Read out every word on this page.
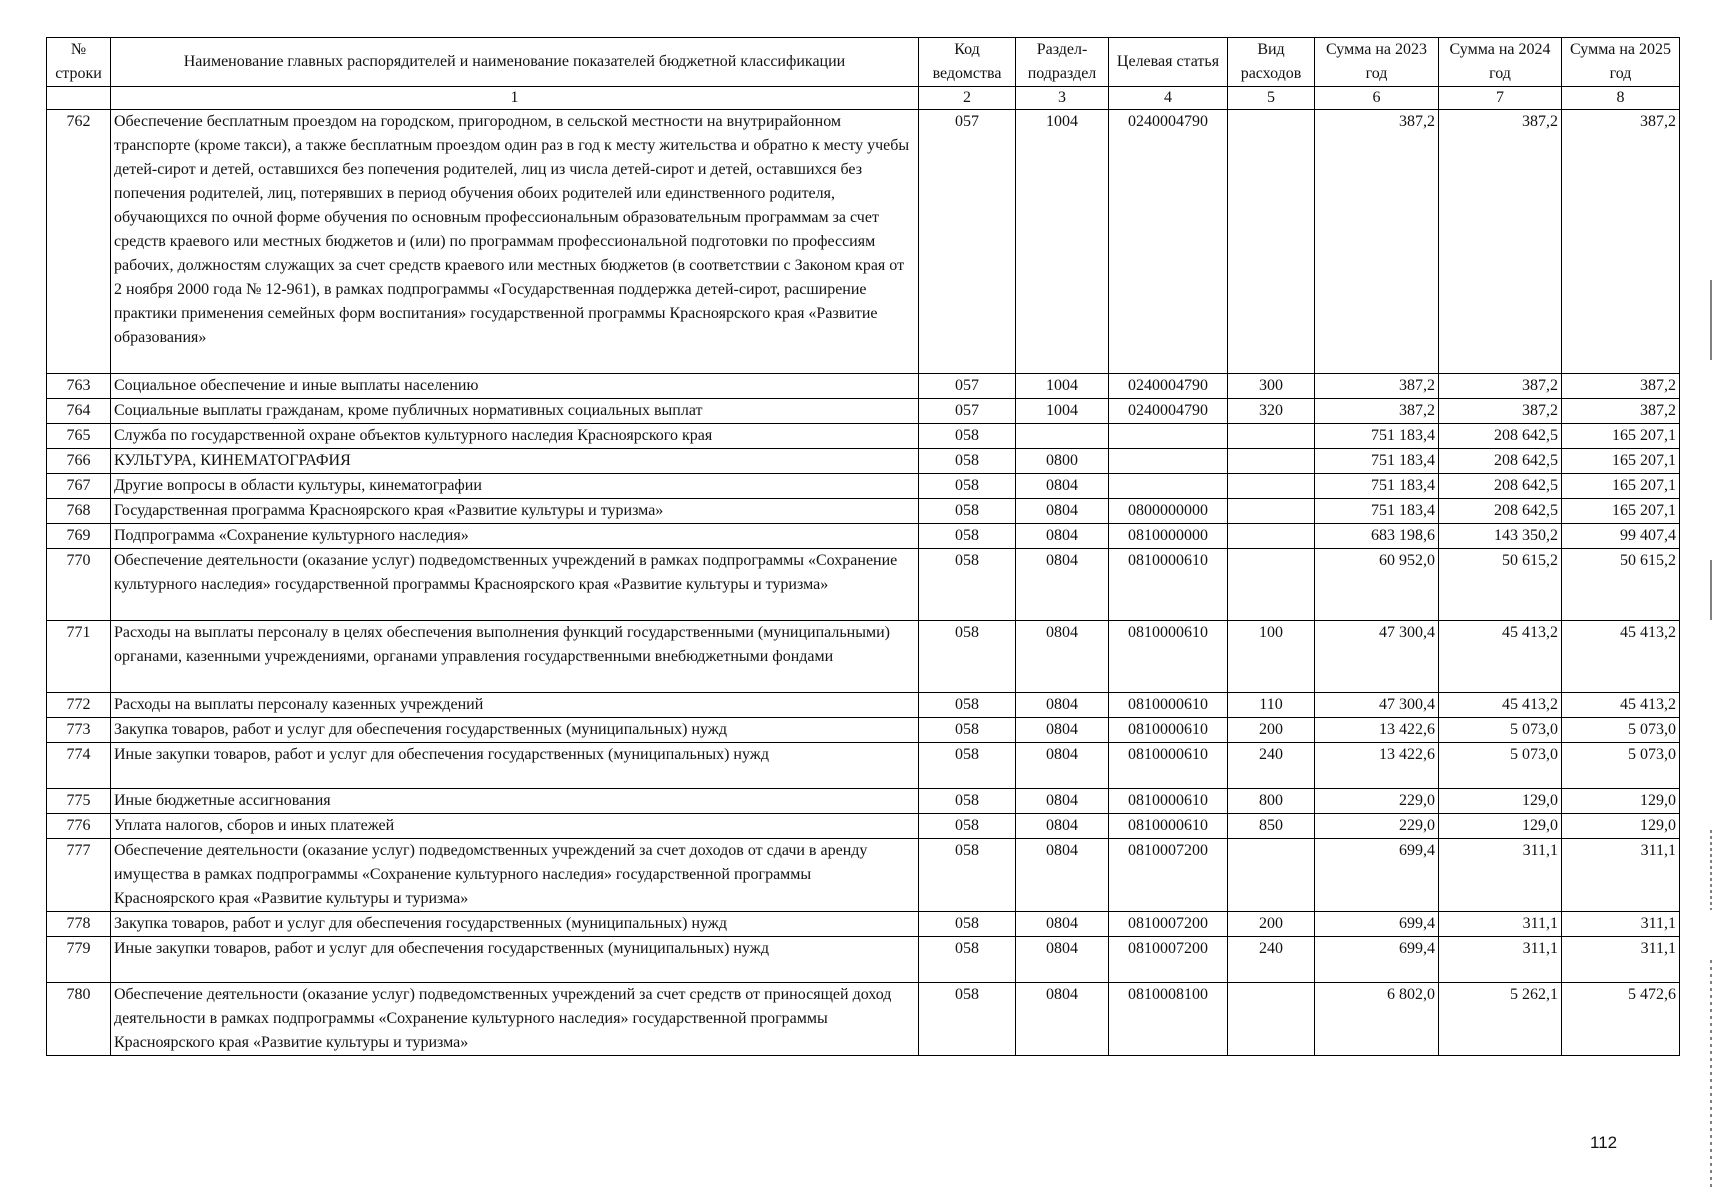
№ строки	Наименование главных распорядителей и наименование показателей бюджетной классификации	Код ведомства	Раздел-подраздел	Целевая статья	Вид расходов	Сумма на 2023 год	Сумма на 2024 год	Сумма на 2025 год
	1	2	3	4	5	6	7	8
762	Обеспечение бесплатным проездом на городском, пригородном, в сельской местности на внутрирайонном транспорте (кроме такси), а также бесплатным проездом один раз в год к месту жительства и обратно к месту учебы детей-сирот и детей, оставшихся без попечения родителей, лиц из числа детей-сирот и детей, оставшихся без попечения родителей, лиц, потерявших в период обучения обоих родителей или единственного родителя, обучающихся по очной форме обучения по основным профессиональным образовательным программам за счет средств краевого или местных бюджетов и (или) по программам профессиональной подготовки по профессиям рабочих, должностям служащих за счет средств краевого или местных бюджетов (в соответствии с Законом края от 2 ноября 2000 года № 12-961), в рамках подпрограммы «Государственная поддержка детей-сирот, расширение практики применения семейных форм воспитания» государственной программы Красноярского края «Развитие образования»	057	1004	0240004790		387,2	387,2	387,2
763	Социальное обеспечение и иные выплаты населению	057	1004	0240004790	300	387,2	387,2	387,2
764	Социальные выплаты гражданам, кроме публичных нормативных социальных выплат	057	1004	0240004790	320	387,2	387,2	387,2
765	Служба по государственной охране объектов культурного наследия Красноярского края	058				751 183,4	208 642,5	165 207,1
766	КУЛЬТУРА, КИНЕМАТОГРАФИЯ	058	0800			751 183,4	208 642,5	165 207,1
767	Другие вопросы в области культуры, кинематографии	058	0804			751 183,4	208 642,5	165 207,1
768	Государственная программа Красноярского края «Развитие культуры и туризма»	058	0804	0800000000		751 183,4	208 642,5	165 207,1
769	Подпрограмма «Сохранение культурного наследия»	058	0804	0810000000		683 198,6	143 350,2	99 407,4
770	Обеспечение деятельности (оказание услуг) подведомственных учреждений в рамках подпрограммы «Сохранение культурного наследия» государственной программы Красноярского края «Развитие культуры и туризма»	058	0804	0810000610		60 952,0	50 615,2	50 615,2
771	Расходы на выплаты персоналу в целях обеспечения выполнения функций государственными (муниципальными) органами, казенными учреждениями, органами управления государственными внебюджетными фондами	058	0804	0810000610	100	47 300,4	45 413,2	45 413,2
772	Расходы на выплаты персоналу казенных учреждений	058	0804	0810000610	110	47 300,4	45 413,2	45 413,2
773	Закупка товаров, работ и услуг для обеспечения государственных (муниципальных) нужд	058	0804	0810000610	200	13 422,6	5 073,0	5 073,0
774	Иные закупки товаров, работ и услуг для обеспечения государственных (муниципальных) нужд	058	0804	0810000610	240	13 422,6	5 073,0	5 073,0
775	Иные бюджетные ассигнования	058	0804	0810000610	800	229,0	129,0	129,0
776	Уплата налогов, сборов и иных платежей	058	0804	0810000610	850	229,0	129,0	129,0
777	Обеспечение деятельности (оказание услуг) подведомственных учреждений за счет доходов от сдачи в аренду имущества в рамках подпрограммы «Сохранение культурного наследия» государственной программы Красноярского края «Развитие культуры и туризма»	058	0804	0810007200		699,4	311,1	311,1
778	Закупка товаров, работ и услуг для обеспечения государственных (муниципальных) нужд	058	0804	0810007200	200	699,4	311,1	311,1
779	Иные закупки товаров, работ и услуг для обеспечения государственных (муниципальных) нужд	058	0804	0810007200	240	699,4	311,1	311,1
780	Обеспечение деятельности (оказание услуг) подведомственных учреждений за счет средств от приносящей доход деятельности в рамках подпрограммы «Сохранение культурного наследия» государственной программы Красноярского края «Развитие культуры и туризма»	058	0804	0810008100		6 802,0	5 262,1	5 472,6
112
